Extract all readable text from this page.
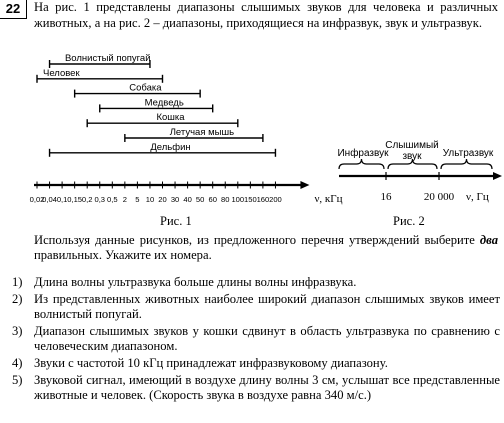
22	На рис. 1 представлены диапазоны слышимых звуков для человека и различных животных, а на рис. 2 – диапазоны, приходящиеся на инфразвук, звук и ультразвук.
0,02
0,04 0,1 0,15 0,2 0,3 0,5 2 5 10 20 30 40 50 60 80 100 150 160 200	ν, кГц
Волнистый попугай
Человек
Собака
Медведь
Кошка
Летучая мышь
Дельфин
16	20 000 ν, Гц
Инфразвук
Слышимый
звук Ультразвук
Рис. 1	Рис. 2
Используя данные рисунков, из предложенного перечня утверждений выберите два правильных. Укажите их номера.
1) Длина волны ультразвука больше длины волны инфразвука.
2) Из представленных животных наиболее широкий диапазон слышимых звуков имеет волнистый попугай.
3) Диапазон слышимых звуков у кошки сдвинут в область ультразвука по сравнению с человеческим диапазоном.
4) Звуки с частотой 10 кГц принадлежат инфразвуковому диапазону.
5) Звуковой сигнал, имеющий в воздухе длину волны 3 см, услышат все представленные животные и человек. (Скорость звука в воздухе равна 340 м/с.)
